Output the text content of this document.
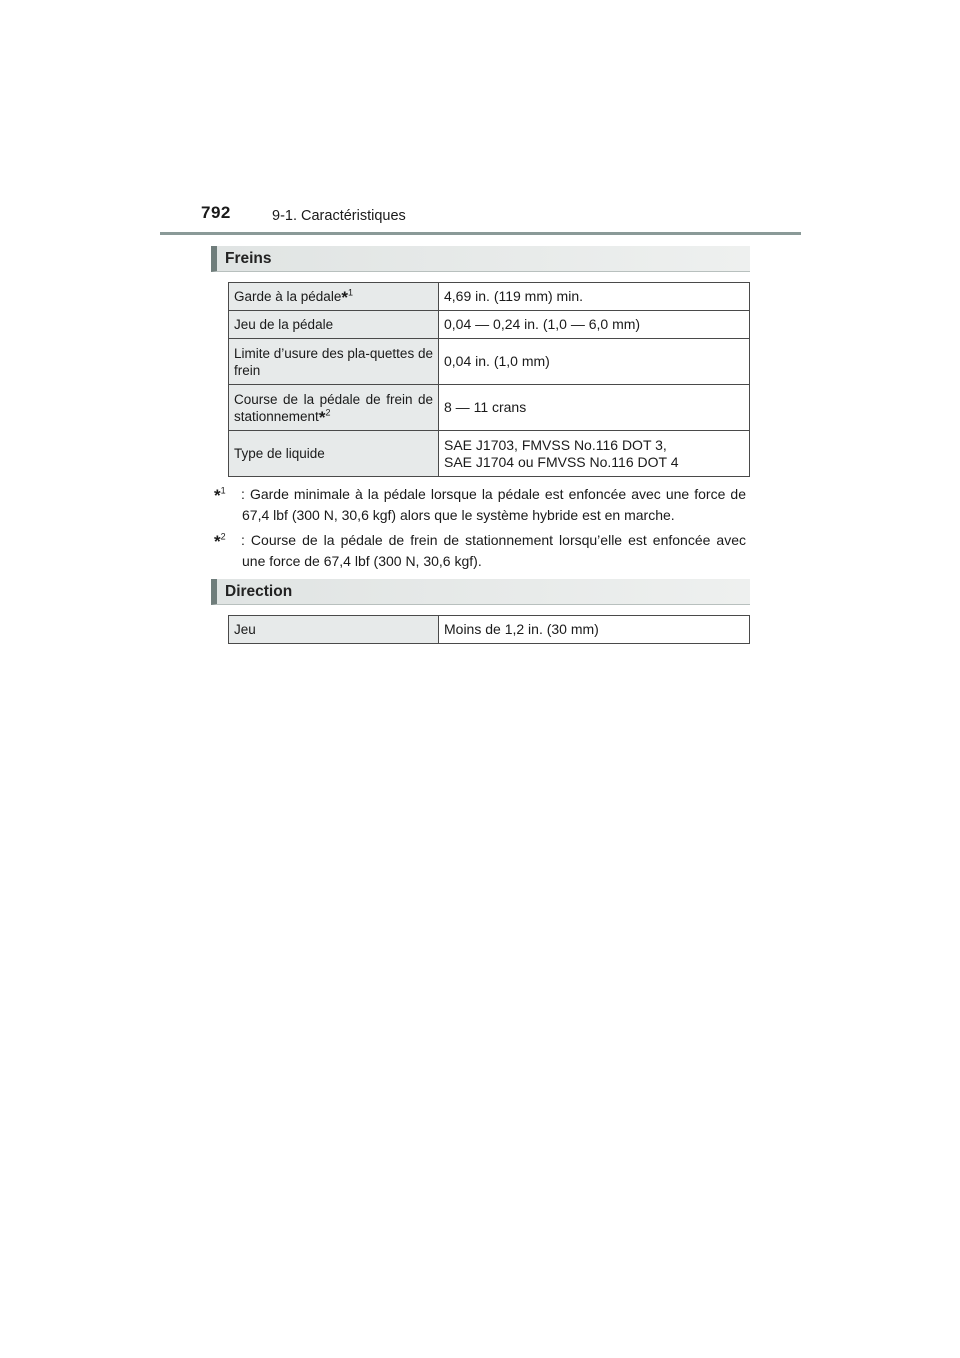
792	9-1. Caractéristiques
Freins
Garde à la pédale*$^1$	4,69 in. (119 mm) min.
Jeu de la pédale	0,04 — 0,24 in. (1,0 — 6,0 mm)
Limite d’usure des pla-quettes de frein	0,04 in. (1,0 mm)
Course de la pédale de frein de stationnement*$^2$	8 — 11 crans
Type de liquide	SAE J1703, FMVSS No.116 DOT 3,
SAE J1704 ou FMVSS No.116 DOT 4
*$^1$	: Garde minimale à la pédale lorsque la pédale est enfoncée avec une force de 67,4 lbf (300 N, 30,6 kgf) alors que le système hybride est en marche.
*$^2$	: Course de la pédale de frein de stationnement lorsqu’elle est enfoncée avec une force de 67,4 lbf (300 N, 30,6 kgf).
Direction
Jeu	Moins de 1,2 in. (30 mm)
